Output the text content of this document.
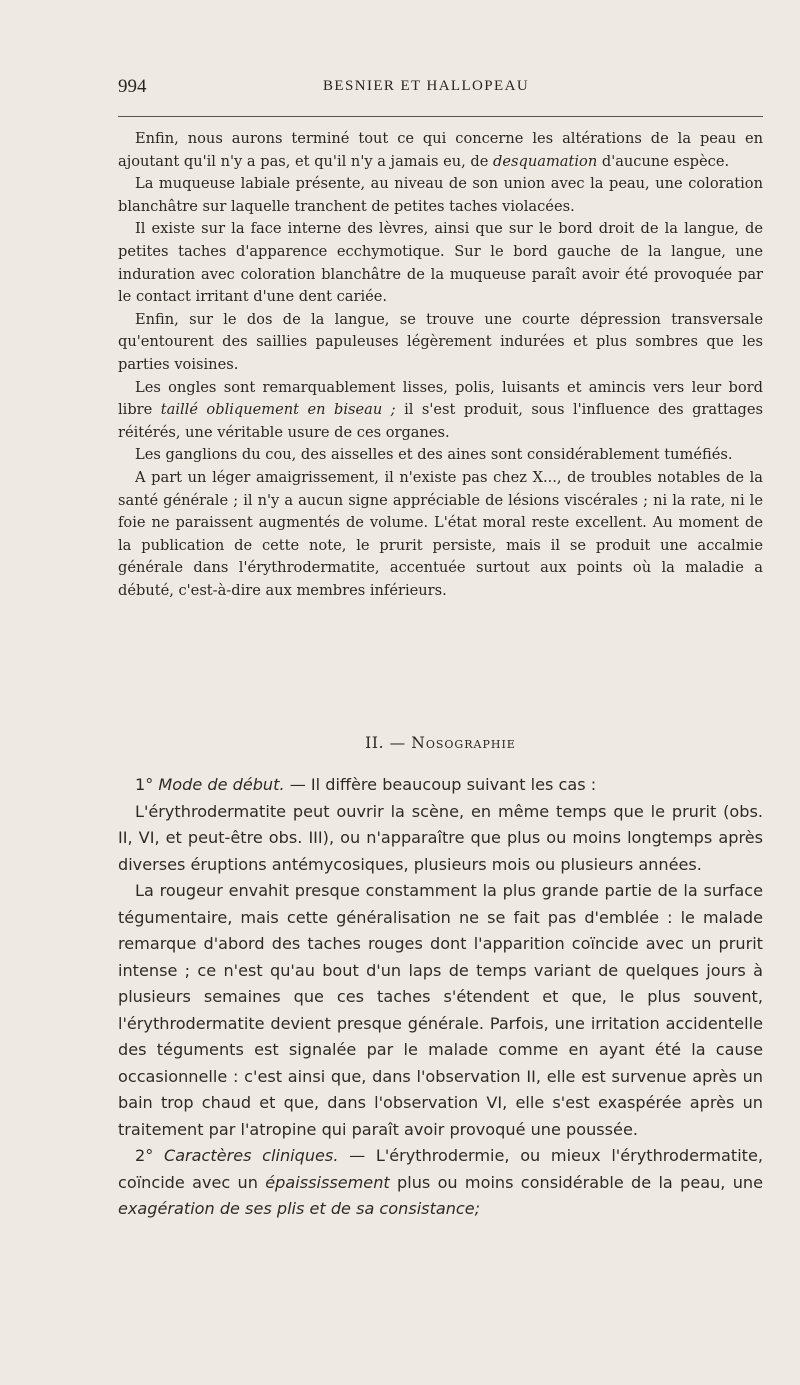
994	BESNIER ET HALLOPEAU

Enfin, nous aurons terminé tout ce qui concerne les altérations de la peau en ajoutant qu'il n'y a pas, et qu'il n'y a jamais eu, de desquamation d'aucune espèce.

La muqueuse labiale présente, au niveau de son union avec la peau, une coloration blanchâtre sur laquelle tranchent de petites taches violacées.

Il existe sur la face interne des lèvres, ainsi que sur le bord droit de la langue, de petites taches d'apparence ecchymotique. Sur le bord gauche de la langue, une induration avec coloration blanchâtre de la muqueuse paraît avoir été provoquée par le contact irritant d'une dent cariée.

Enfin, sur le dos de la langue, se trouve une courte dépression transversale qu'entourent des saillies papuleuses légèrement indurées et plus sombres que les parties voisines.

Les ongles sont remarquablement lisses, polis, luisants et amincis vers leur bord libre taillé obliquement en biseau ; il s'est produit, sous l'influence des grattages réitérés, une véritable usure de ces organes.

Les ganglions du cou, des aisselles et des aines sont considérablement tuméfiés.

A part un léger amaigrissement, il n'existe pas chez X..., de troubles notables de la santé générale ; il n'y a aucun signe appréciable de lésions viscérales ; ni la rate, ni le foie ne paraissent augmentés de volume. L'état moral reste excellent. Au moment de la publication de cette note, le prurit persiste, mais il se produit une accalmie générale dans l'érythrodermatite, accentuée surtout aux points où la maladie a débuté, c'est-à-dire aux membres inférieurs.

II. — Nosographie

1° Mode de début. — Il diffère beaucoup suivant les cas :

L'érythrodermatite peut ouvrir la scène, en même temps que le prurit (obs. II, VI, et peut-être obs. III), ou n'apparaître que plus ou moins longtemps après diverses éruptions antémycosiques, plusieurs mois ou plusieurs années.

La rougeur envahit presque constamment la plus grande partie de la surface tégumentaire, mais cette généralisation ne se fait pas d'emblée : le malade remarque d'abord des taches rouges dont l'apparition coïncide avec un prurit intense ; ce n'est qu'au bout d'un laps de temps variant de quelques jours à plusieurs semaines que ces taches s'étendent et que, le plus souvent, l'érythrodermatite devient presque générale. Parfois, une irritation accidentelle des téguments est signalée par le malade comme en ayant été la cause occasionnelle : c'est ainsi que, dans l'observation II, elle est survenue après un bain trop chaud et que, dans l'observation VI, elle s'est exaspérée après un traitement par l'atropine qui paraît avoir provoqué une poussée.

2° Caractères cliniques. — L'érythrodermie, ou mieux l'érythrodermatite, coïncide avec un épaississement plus ou moins considérable de la peau, une exagération de ses plis et de sa consistance;
